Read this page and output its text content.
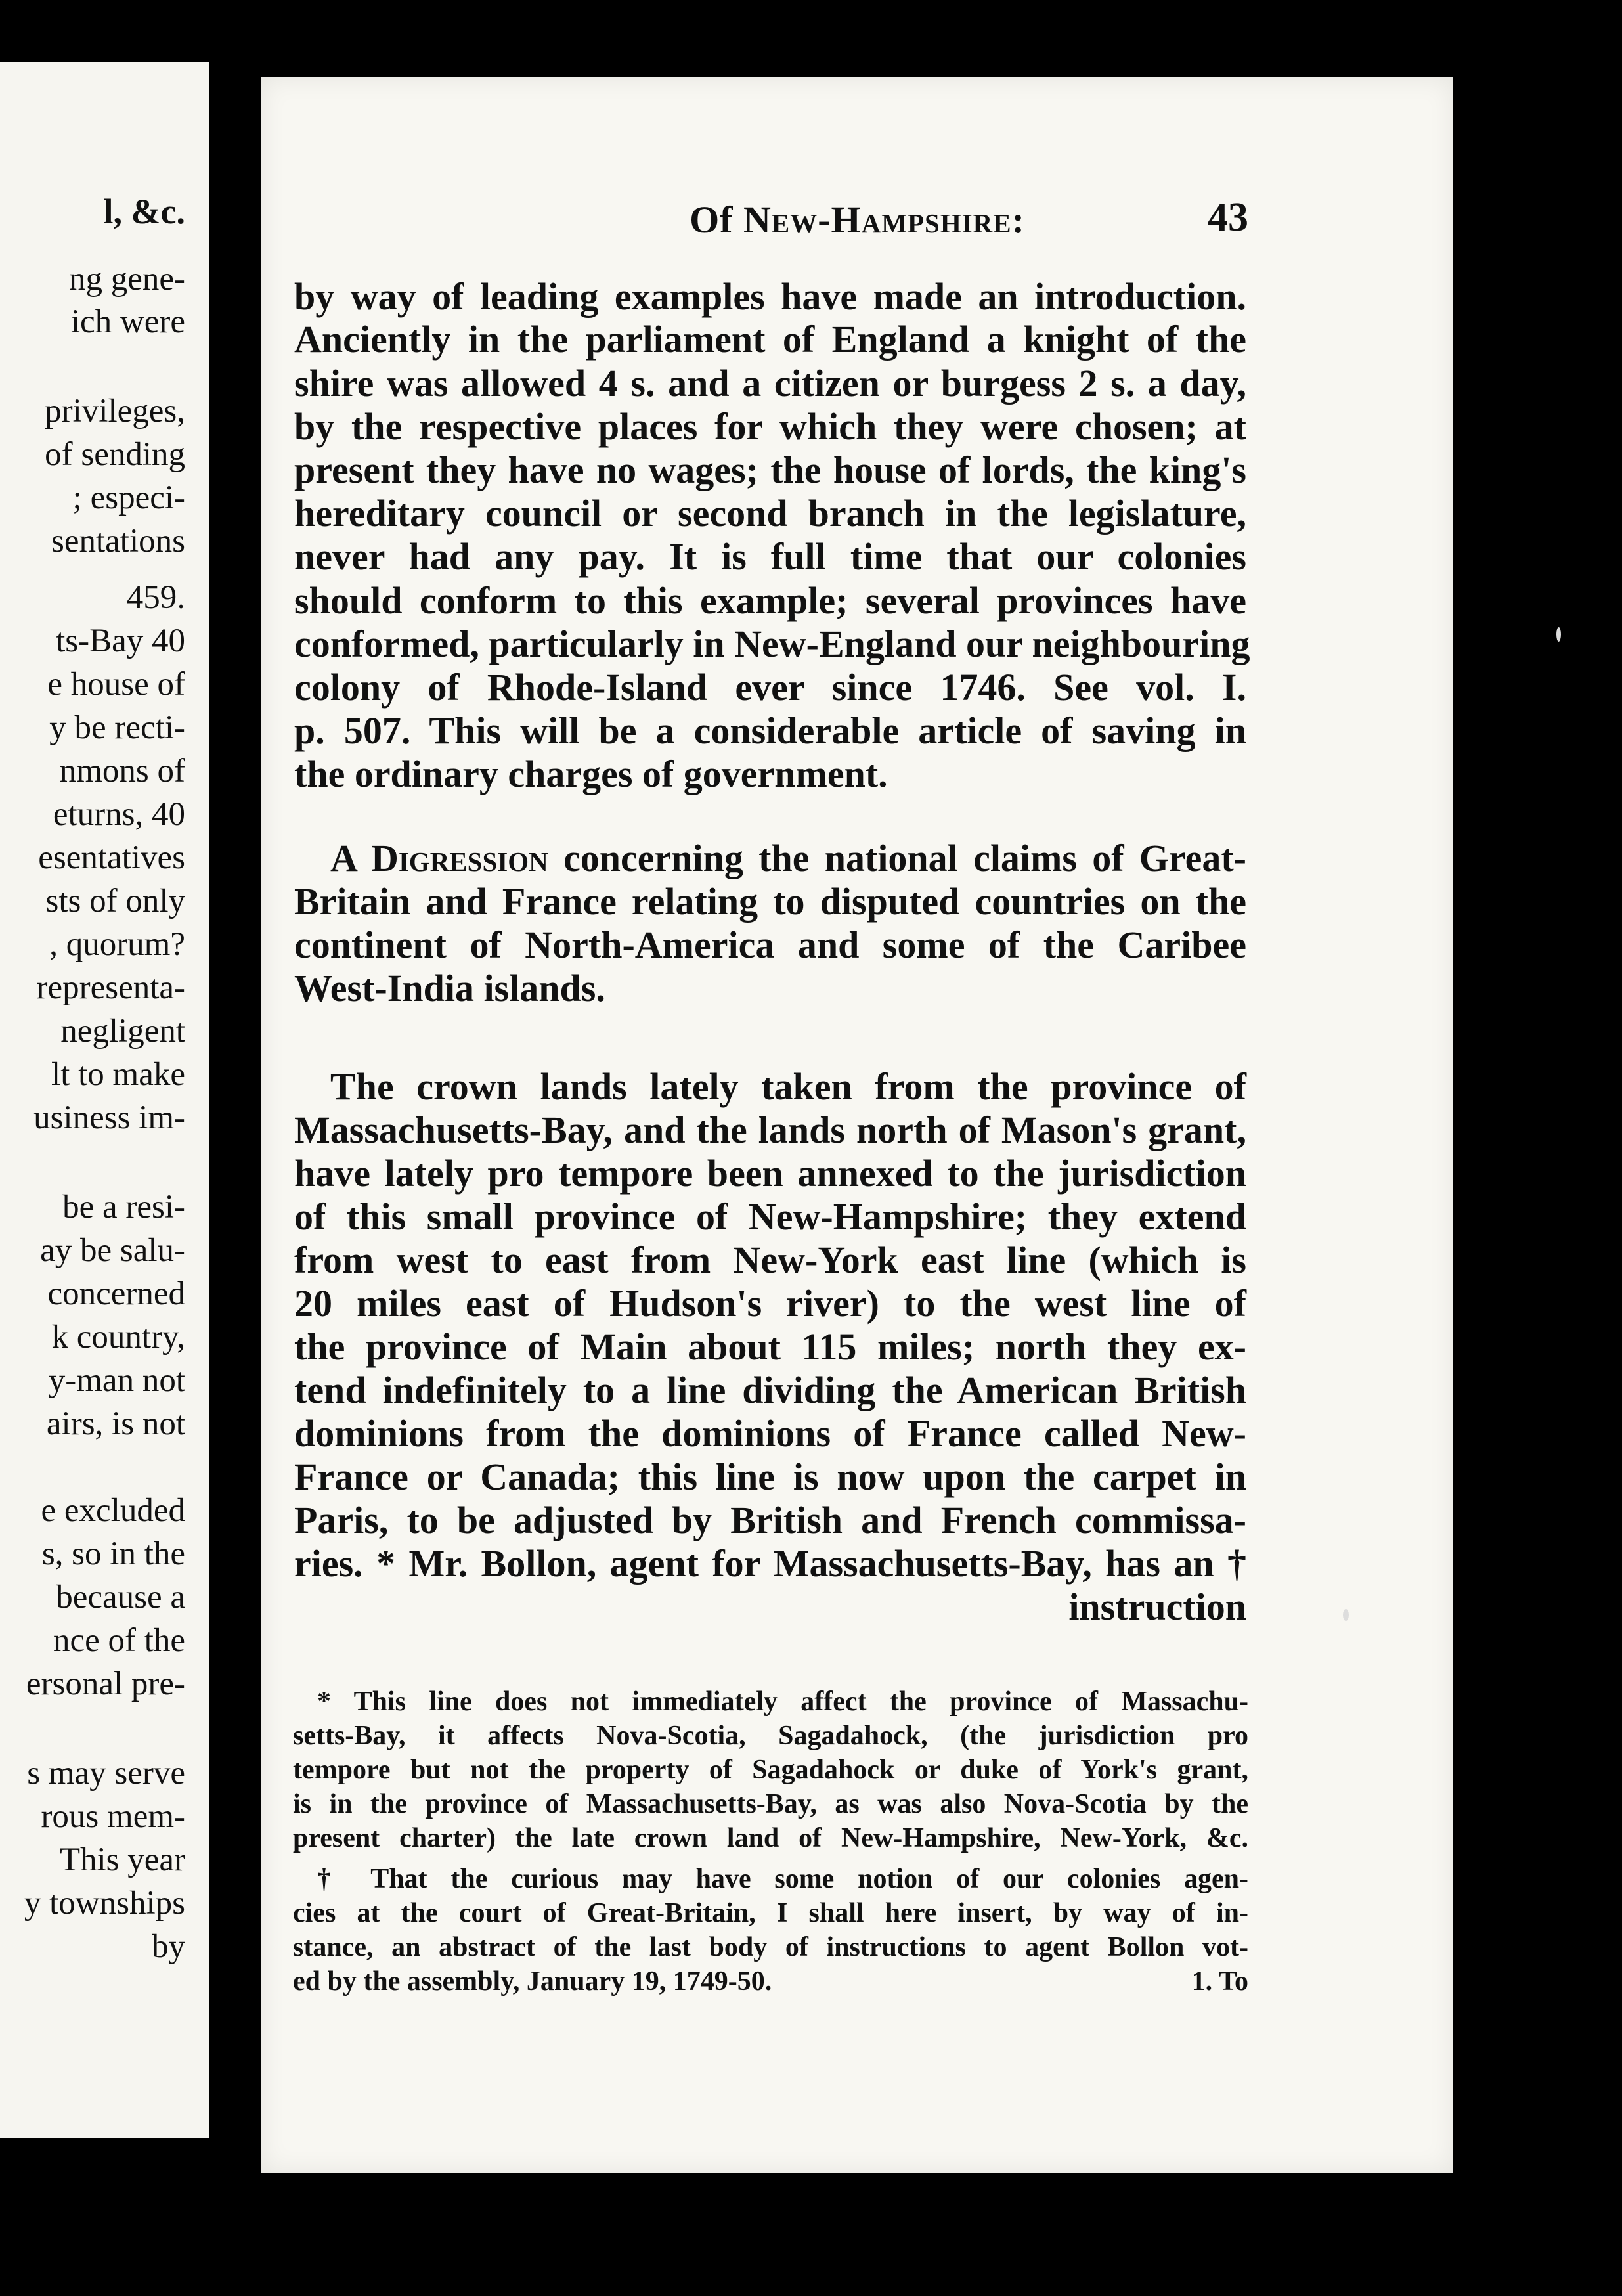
l, &c.
ng gene-
ich were
privileges,
of sending
; especi-
sentations
459.
ts-Bay 40
e house of
y be recti-
nmons of
eturns, 40
esentatives
sts of only
, quorum?
representa-
negligent
lt to make
usiness im-
be a resi-
ay be salu-
concerned
k country,
y-man not
airs, is not
e excluded
s, so in the
because a
nce of the
ersonal pre-
s may serve
rous mem-
This year
y townships
by
Of New-Hampshire:	43
by way of leading examples have made an introduction.
Anciently in the parliament of England a knight of the
shire was allowed 4 s. and a citizen or burgess 2 s. a day,
by the respective places for which they were chosen; at
present they have no wages; the house of lords, the king's
hereditary council or second branch in the legislature,
never had any pay. It is full time that our colonies
should conform to this example; several provinces have
conformed, particularly in New-England our neighbouring
colony of Rhode-Island ever since 1746. See vol. I.
p. 507. This will be a considerable article of saving in
the ordinary charges of government.
A Digression concerning the national claims of Great-
Britain and France relating to disputed countries on the
continent of North-America and some of the Caribee
West-India islands.
The crown lands lately taken from the province of
Massachusetts-Bay, and the lands north of Mason's grant,
have lately pro tempore been annexed to the jurisdiction
of this small province of New-Hampshire; they extend
from west to east from New-York east line (which is
20 miles east of Hudson's river) to the west line of
the province of Main about 115 miles; north they ex-
tend indefinitely to a line dividing the American British
dominions from the dominions of France called New-
France or Canada; this line is now upon the carpet in
Paris, to be adjusted by British and French commissa-
ries. * Mr. Bollon, agent for Massachusetts-Bay, has an †
instruction
* This line does not immediately affect the province of Massachu-
setts-Bay, it affects Nova-Scotia, Sagadahock, (the jurisdiction pro
tempore but not the property of Sagadahock or duke of York's grant,
is in the province of Massachusetts-Bay, as was also Nova-Scotia by the
present charter) the late crown land of New-Hampshire, New-York, &c.
† That the curious may have some notion of our colonies agen-
cies at the court of Great-Britain, I shall here insert, by way of in-
stance, an abstract of the last body of instructions to agent Bollon vot-
ed by the assembly, January 19, 1749-50.	1. To
